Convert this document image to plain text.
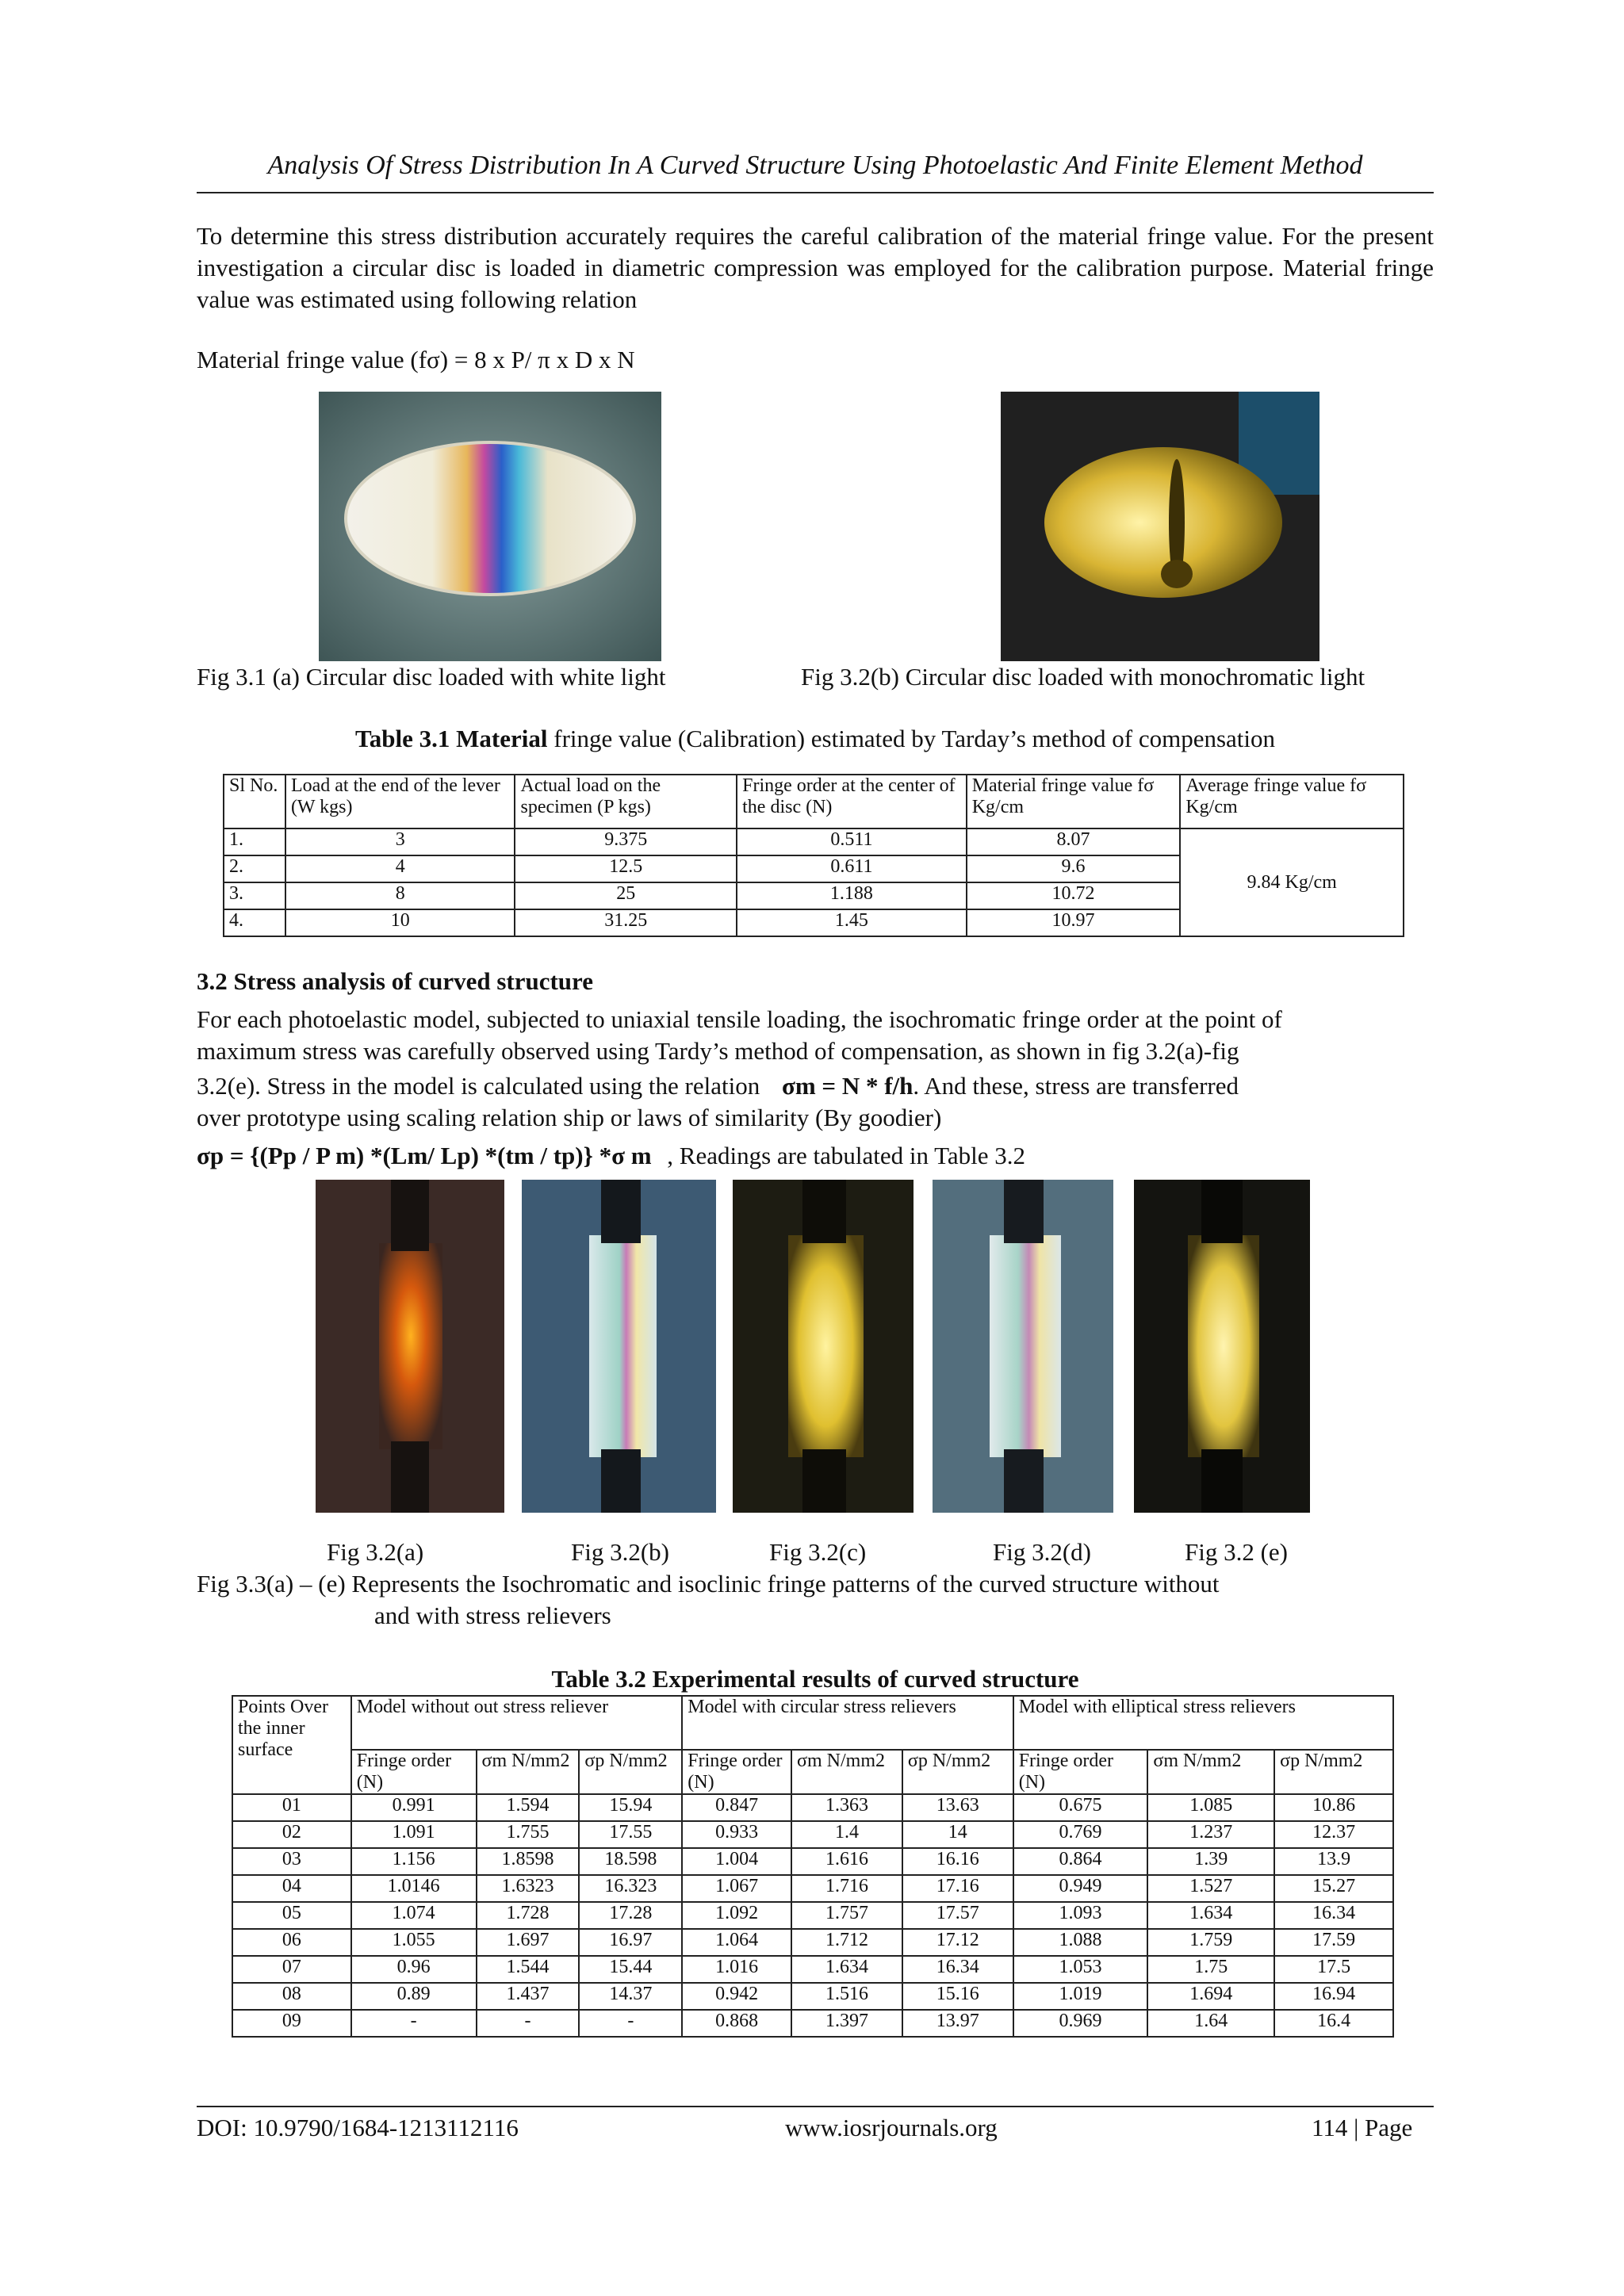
Analysis Of Stress Distribution In A Curved Structure Using Photoelastic And Finite Element Method
To determine this stress distribution accurately requires the careful calibration of the material fringe value. For the present investigation a circular disc is loaded in diametric compression was employed for the calibration purpose. Material fringe value was estimated using following relation
Material fringe value (fσ) = 8 x P/ π x D x N
Fig 3.1 (a) Circular disc loaded with white light	Fig 3.2(b) Circular disc loaded with monochromatic light
Table 3.1 Material fringe value (Calibration) estimated by Tarday’s method of compensation
Sl No.	Load at the end of the lever (W kgs)	Actual load on the specimen (P kgs)	Fringe order at the center of the disc (N)	Material fringe value fσ Kg/cm	Average fringe value fσ Kg/cm
1.	3	9.375	0.511	8.07	9.84 Kg/cm
2.	4	12.5	0.611	9.6	
3.	8	25	1.188	10.72	
4.	10	31.25	1.45	10.97	
3.2 Stress analysis of curved structure
For each photoelastic model, subjected to uniaxial tensile loading, the isochromatic fringe order at the point of
maximum stress was carefully observed using Tardy’s method of compensation, as shown in fig 3.2(a)-fig
3.2(e). Stress in the model is calculated using the relation σm = N * f/h. And these, stress are transferred
over prototype using scaling relation ship or laws of similarity (By goodier)
σp = {(Pp / P m) *(Lm/ Lp) *(tm / tp)} *σ m , Readings are tabulated in Table 3.2
Fig 3.2(a)	Fig 3.2(b)	Fig 3.2(c)	Fig 3.2(d)	Fig 3.2 (e)
Fig 3.3(a) – (e) Represents the Isochromatic and isoclinic fringe patterns of the curved structure without
and with stress relievers
Table 3.2 Experimental results of curved structure
Points Over the inner surface	Model without out stress reliever			Model with circular stress relievers			Model with elliptical stress relievers		
	Fringe order (N)	σm N/mm2	σp N/mm2	Fringe order (N)	σm N/mm2	σp N/mm2	Fringe order (N)	σm N/mm2	σp N/mm2
01	0.991	1.594	15.94	0.847	1.363	13.63	0.675	1.085	10.86
02	1.091	1.755	17.55	0.933	1.4	14	0.769	1.237	12.37
03	1.156	1.8598	18.598	1.004	1.616	16.16	0.864	1.39	13.9
04	1.0146	1.6323	16.323	1.067	1.716	17.16	0.949	1.527	15.27
05	1.074	1.728	17.28	1.092	1.757	17.57	1.093	1.634	16.34
06	1.055	1.697	16.97	1.064	1.712	17.12	1.088	1.759	17.59
07	0.96	1.544	15.44	1.016	1.634	16.34	1.053	1.75	17.5
08	0.89	1.437	14.37	0.942	1.516	15.16	1.019	1.694	16.94
09	-	-	-	0.868	1.397	13.97	0.969	1.64	16.4
DOI: 10.9790/1684-1213112116	www.iosrjournals.org	114 | Page
